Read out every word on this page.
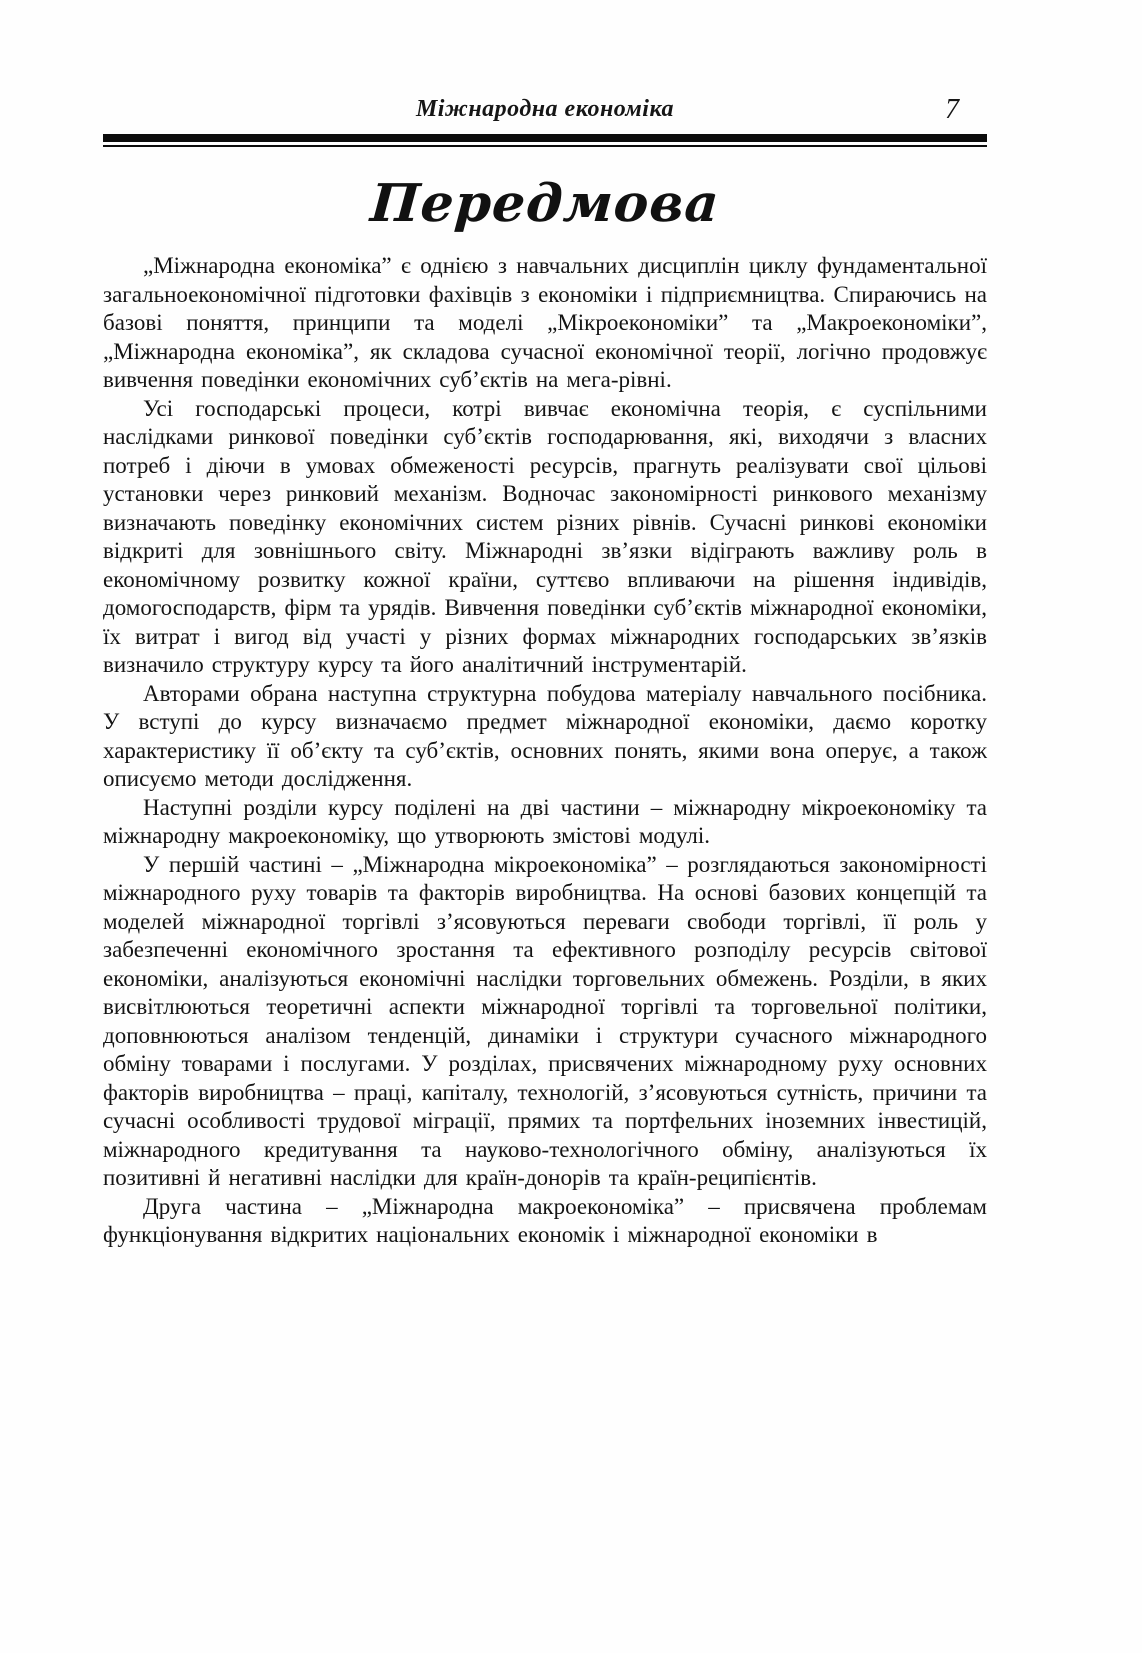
Міжнародна економіка	7
Передмова

„Міжнародна економіка” є однією з навчальних дисциплін циклу фундаментальної загальноекономічної підготовки фахівців з економіки і підприємництва. Спираючись на базові поняття, принципи та моделі „Мікроекономіки” та „Макроекономіки”, „Міжнародна економіка”, як складова сучасної економічної теорії, логічно продовжує вивчення поведінки економічних суб’єктів на мега-рівні.

Усі господарські процеси, котрі вивчає економічна теорія, є суспільними наслідками ринкової поведінки суб’єктів господарювання, які, виходячи з власних потреб і діючи в умовах обмеженості ресурсів, прагнуть реалізувати свої цільові установки через ринковий механізм. Водночас закономірності ринкового механізму визначають поведінку економічних систем різних рівнів. Сучасні ринкові економіки відкриті для зовнішнього світу. Міжнародні зв’язки відіграють важливу роль в економічному розвитку кожної країни, суттєво впливаючи на рішення індивідів, домогосподарств, фірм та урядів. Вивчення поведінки суб’єктів міжнародної економіки, їх витрат і вигод від участі у різних формах міжнародних господарських зв’язків визначило структуру курсу та його аналітичний інструментарій.

Авторами обрана наступна структурна побудова матеріалу навчального посібника. У вступі до курсу визначаємо предмет міжнародної економіки, даємо коротку характеристику її об’єкту та суб’єктів, основних понять, якими вона оперує, а також описуємо методи дослідження.

Наступні розділи курсу поділені на дві частини – міжнародну мікроекономіку та міжнародну макроекономіку, що утворюють змістові модулі.

У першій частині – „Міжнародна мікроекономіка” – розглядаються закономірності міжнародного руху товарів та факторів виробництва. На основі базових концепцій та моделей міжнародної торгівлі з’ясовуються переваги свободи торгівлі, її роль у забезпеченні економічного зростання та ефективного розподілу ресурсів світової економіки, аналізуються економічні наслідки торговельних обмежень. Розділи, в яких висвітлюються теоретичні аспекти міжнародної торгівлі та торговельної політики, доповнюються аналізом тенденцій, динаміки і структури сучасного міжнародного обміну товарами і послугами. У розділах, присвячених міжнародному руху основних факторів виробництва – праці, капіталу, технологій, з’ясовуються сутність, причини та сучасні особливості трудової міграції, прямих та портфельних іноземних інвестицій, міжнародного кредитування та науково-технологічного обміну, аналізуються їх позитивні й негативні наслідки для країн-донорів та країн-реципієнтів.

Друга частина – „Міжнародна макроекономіка” – присвячена проблемам функціонування відкритих національних економік і міжнародної економіки в
